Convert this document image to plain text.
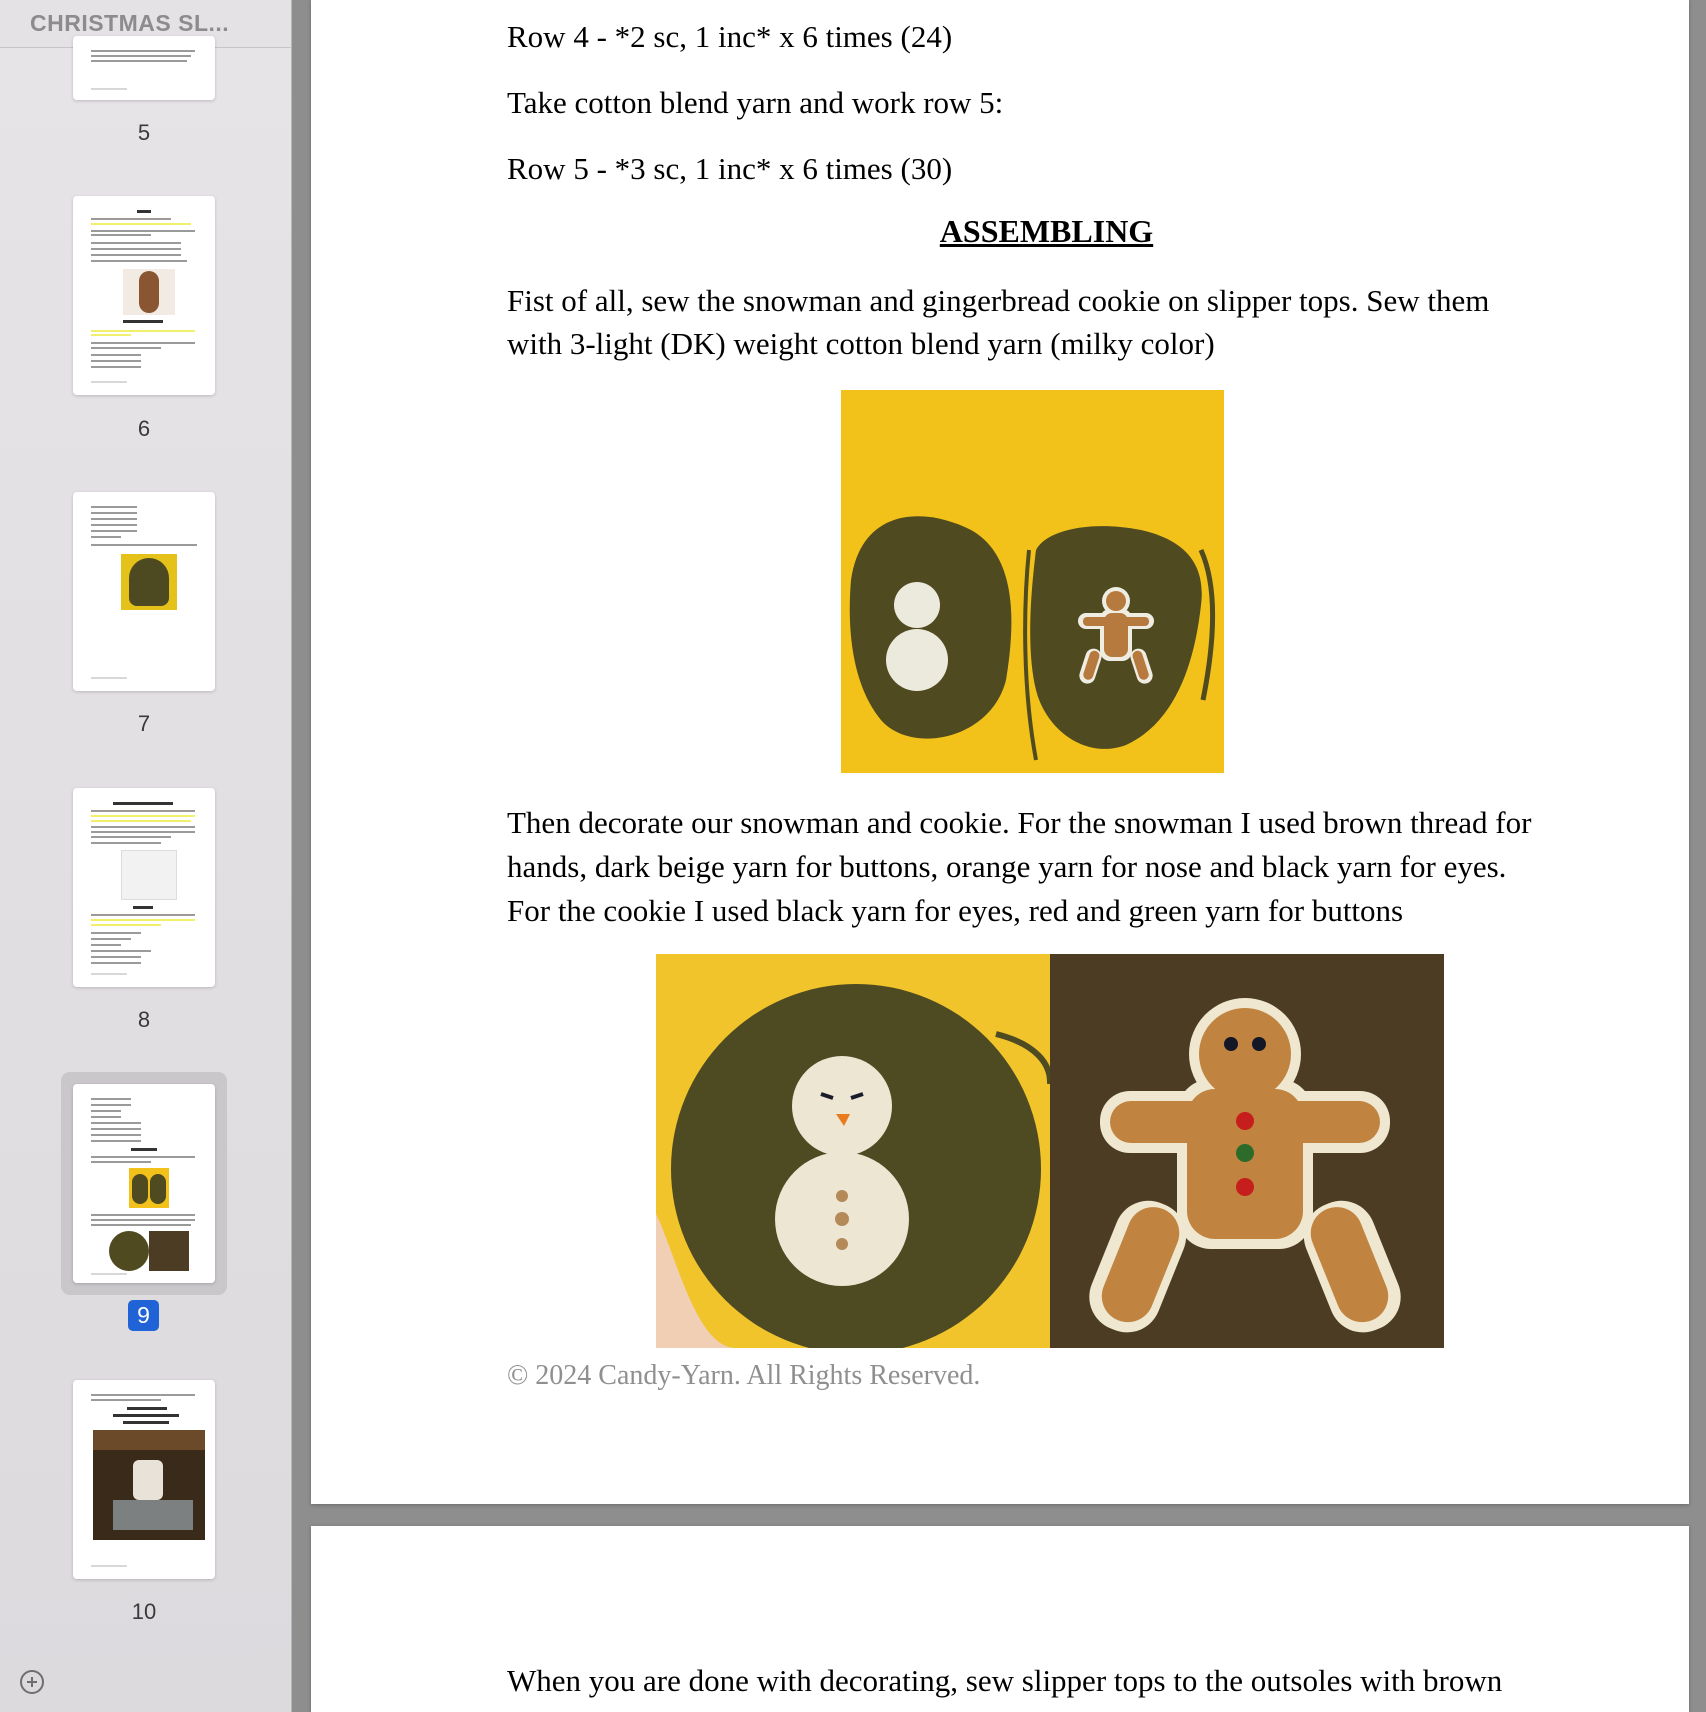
CHRISTMAS SL...
5
6
7
8
9
10

Row 4 - *2 sc, 1 inc* x 6 times (24)

Take cotton blend yarn and work row 5:

Row 5 - *3 sc, 1 inc* x 6 times (30)

ASSEMBLING

Fist of all, sew the snowman and gingerbread cookie on slipper tops. Sew them

with 3-light (DK) weight cotton blend yarn (milky color)

Then decorate our snowman and cookie. For the snowman I used brown thread for

hands, dark beige yarn for buttons, orange yarn for nose and black yarn for eyes.

For the cookie I used black yarn for eyes, red and green yarn for buttons

© 2024 Candy-Yarn. All Rights Reserved.

When you are done with decorating, sew slipper tops to the outsoles with brown
